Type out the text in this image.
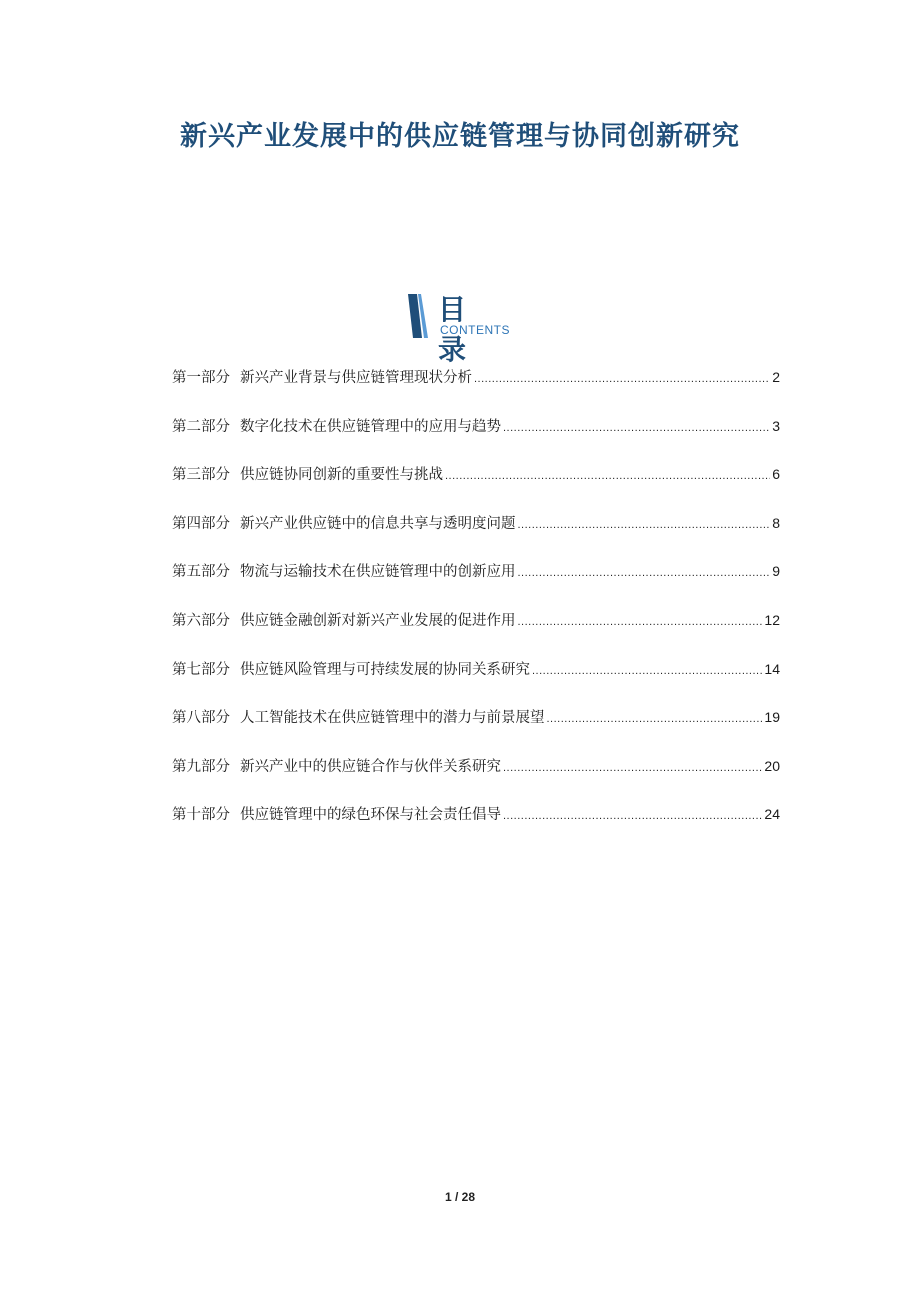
新兴产业发展中的供应链管理与协同创新研究
目 录
CONTENTS
第一部分 新兴产业背景与供应链管理现状分析 .....	2
第二部分 数字化技术在供应链管理中的应用与趋势 .....	3
第三部分 供应链协同创新的重要性与挑战 .....	6
第四部分 新兴产业供应链中的信息共享与透明度问题 .....	8
第五部分 物流与运输技术在供应链管理中的创新应用 .....	9
第六部分 供应链金融创新对新兴产业发展的促进作用 .....	12
第七部分 供应链风险管理与可持续发展的协同关系研究 .....	14
第八部分 人工智能技术在供应链管理中的潜力与前景展望 .....	19
第九部分 新兴产业中的供应链合作与伙伴关系研究 .....	20
第十部分 供应链管理中的绿色环保与社会责任倡导 .....	24
1 / 28
